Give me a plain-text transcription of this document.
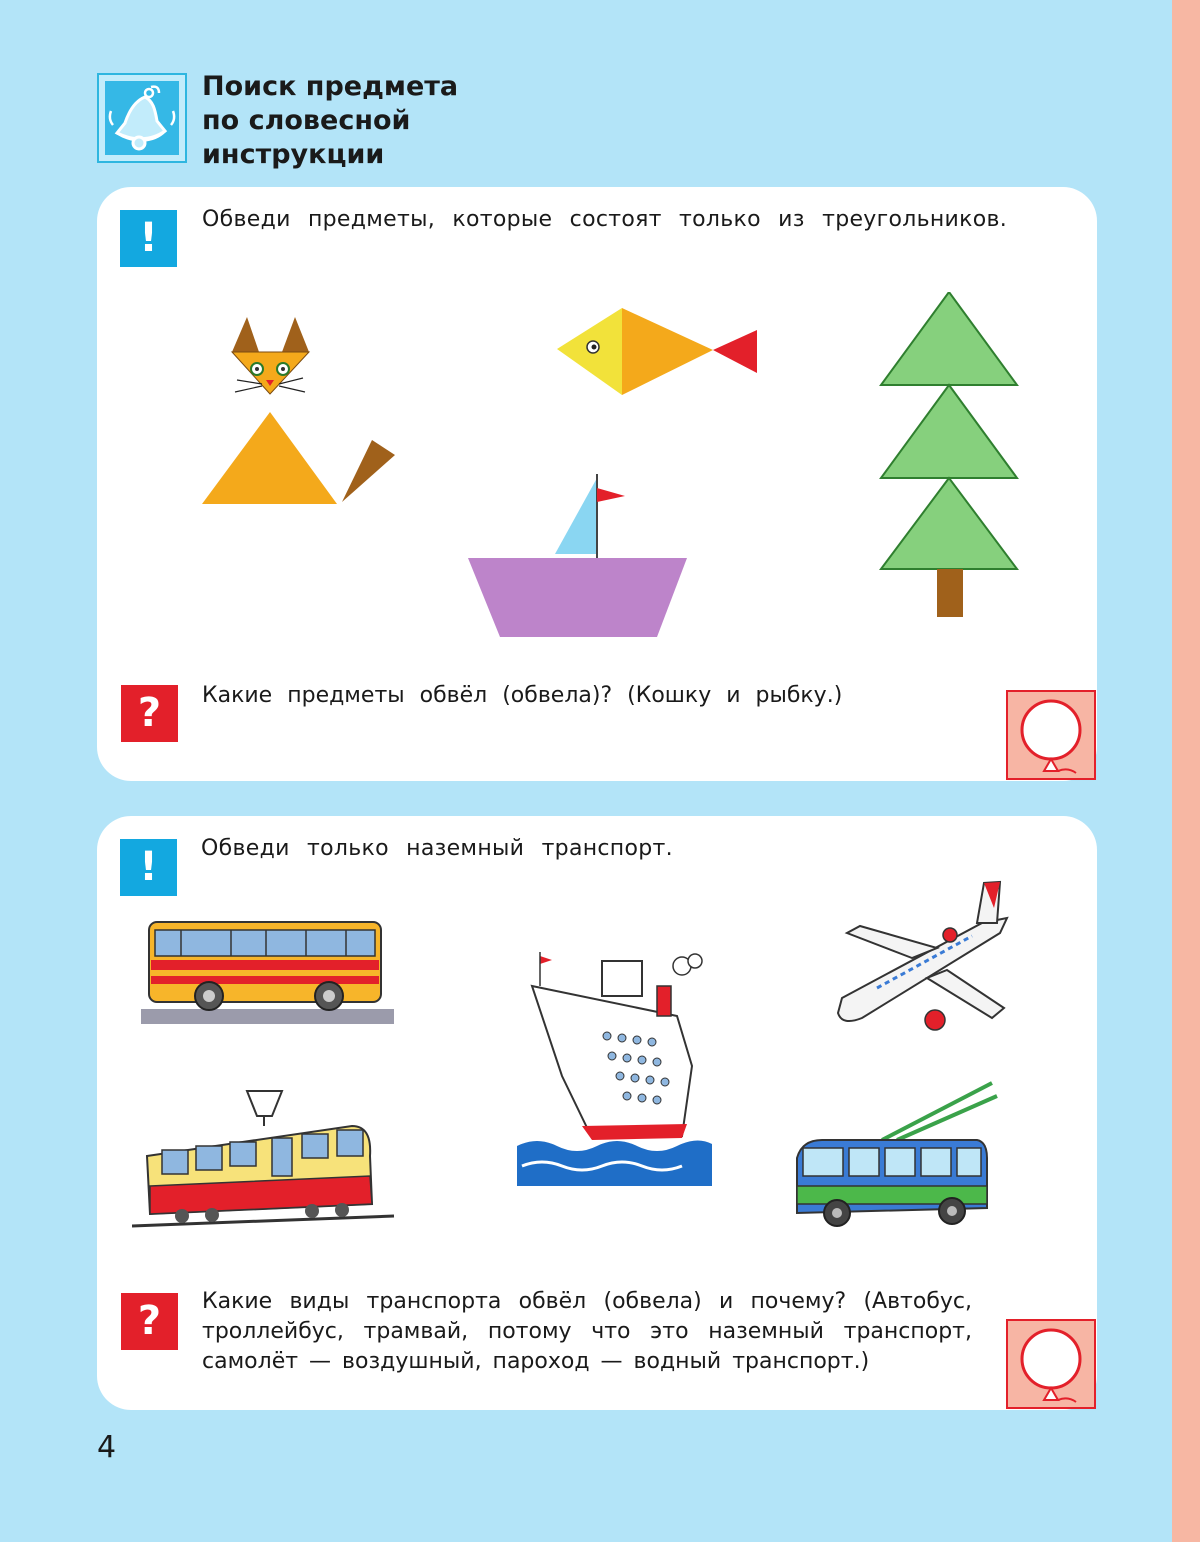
Поиск предмета
по словесной
инструкции
!	Обведи предметы, которые состоят только из треугольников.
?	Какие предметы обвёл (обвела)? (Кошку и рыбку.)
!	Обведи только наземный транспорт.
?	Какие виды транспорта обвёл (обвела) и почему? (Автобус, троллейбус, трамвай, потому что это наземный транспорт, самолёт — воздушный, пароход — водный транспорт.)
4
